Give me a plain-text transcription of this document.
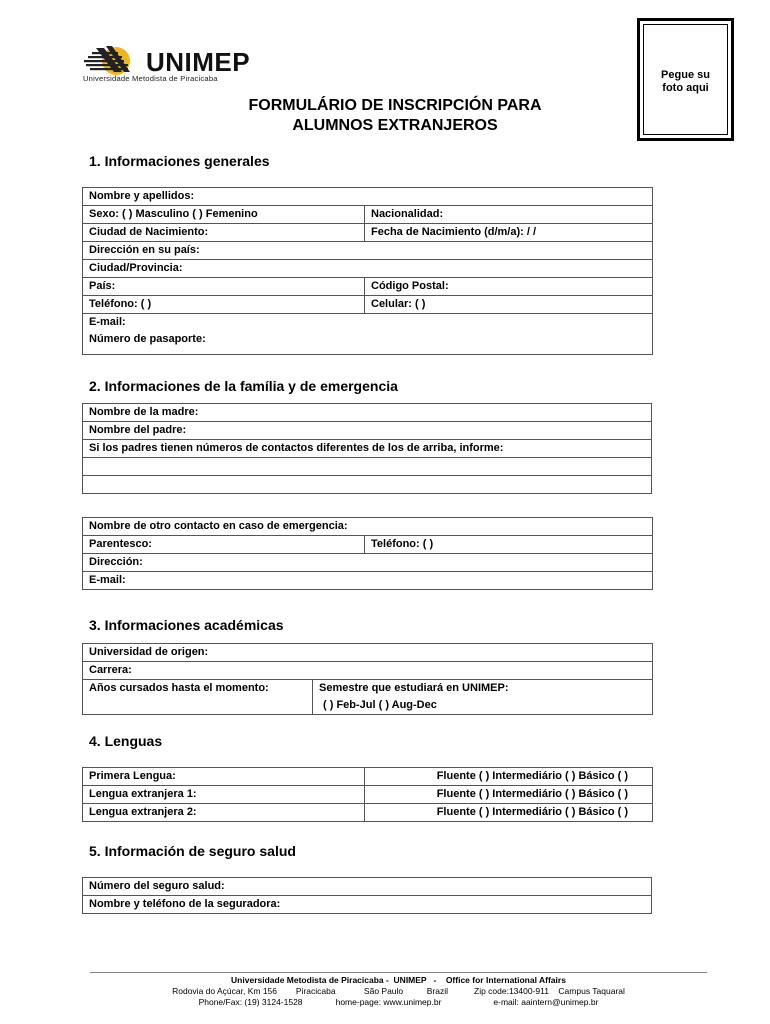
UNIMEP
Universidade Metodista de Piracicaba	Pegue su
foto aqui
FORMULÁRIO DE INSCRIPCIÓN PARA
ALUMNOS EXTRANJEROS
1. Informaciones generales
Nombre y apellidos:	
Sexo: ( ) Masculino ( ) Femenino	Nacionalidad:
Ciudad de Nacimiento:	Fecha de Nacimiento (d/m/a): / /
Dirección en su país:	
Ciudad/Provincia:	
País:	Código Postal:
Teléfono: ( )	Celular: ( )
E-mail:	
Número de pasaporte:	
2. Informaciones de la família y de emergencia
Nombre de la madre:
Nombre del padre:
Si los padres tienen números de contactos diferentes de los de arriba, informe:

Nombre de otro contacto en caso de emergencia:
Parentesco:	Teléfono: ( )
Dirección:
E-mail:
3. Informaciones académicas
Universidad de origen:
Carrera:
Años cursados hasta el momento:	Semestre que estudiará en UNIMEP:
( ) Feb-Jul ( ) Aug-Dec
4. Lenguas
Primera Lengua:	Fluente ( ) Intermediário ( ) Básico ( )
Lengua extranjera 1:	Fluente ( ) Intermediário ( ) Básico ( )
Lengua extranjera 2:	Fluente ( ) Intermediário ( ) Básico ( )
5. Información de seguro salud
Número del seguro salud:
Nombre y teléfono de la seguradora:
Universidade Metodista de Piracicaba -  UNIMEP   -    Office for International Affairs
Rodovia do Açúcar, Km 156        Piracicaba            São Paulo          Brazil           Zip code:13400-911    Campus Taquaral
Phone/Fax: (19) 3124-1528              home-page: www.unimep.br                      e-mail: aaintern@unimep.br
